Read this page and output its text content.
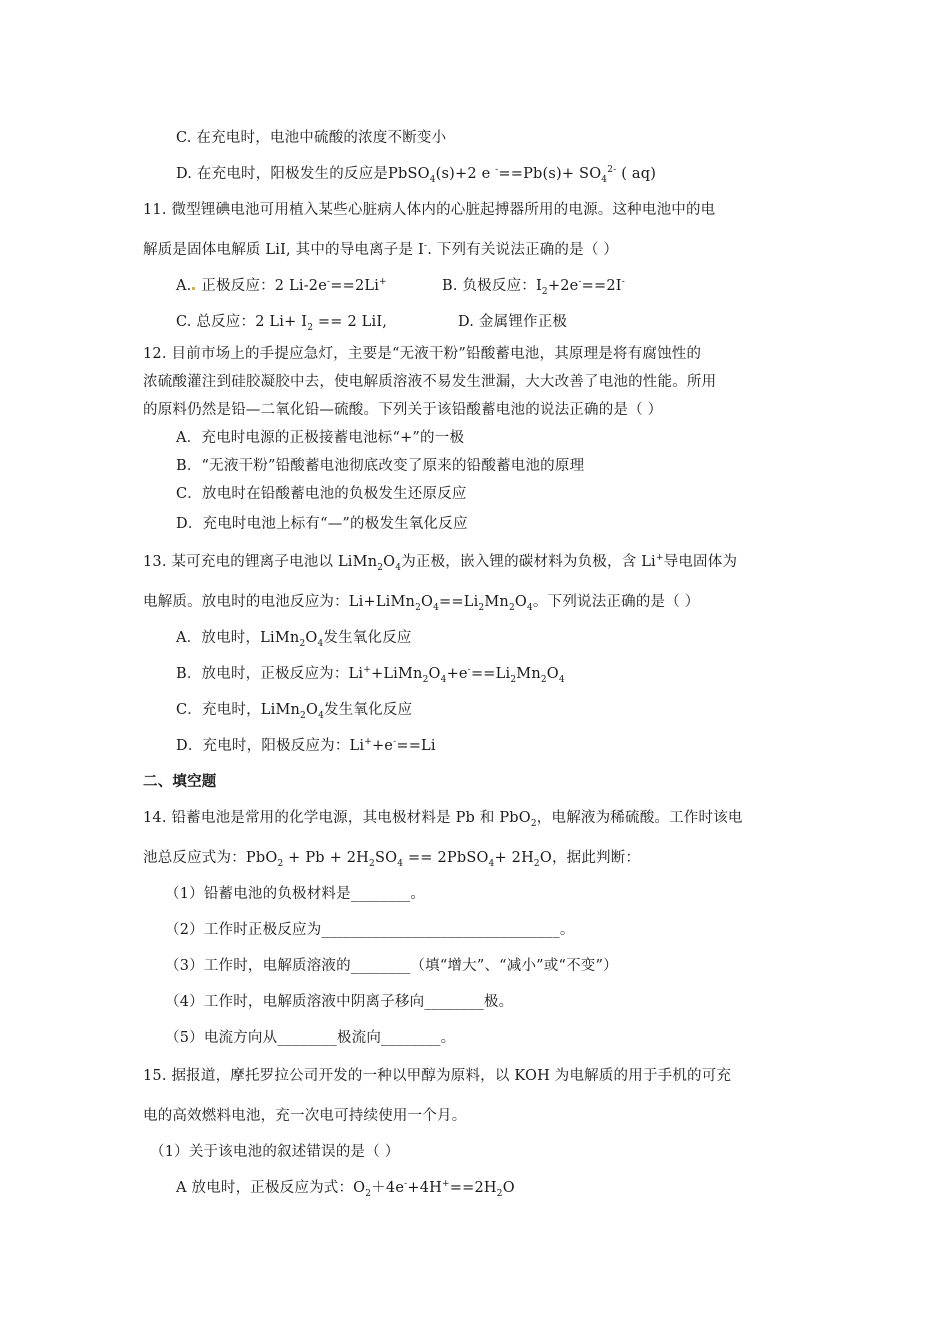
C. 在充电时，电池中硫酸的浓度不断变小
D. 在充电时，阳极发生的反应是PbSO$_4$(s)+2 e $^-==Pb(s)+ SO_4^{2-}$ ( aq)
11. 微型锂碘电池可用植入某些心脏病人体内的心脏起搏器所用的电源。这种电池中的电
解质是固体电解质 LiI, 其中的导电离子是 I-. 下列有关说法正确的是（ ）
A. 正极反应：2 Li-2e-==2Li+	B. 负极反应：$I_2+2e^-==2I^-$
C. 总反应：2 $Li+ I_2 == 2$ LiI,	D. 金属锂作正极
12. 目前市场上的手提应急灯，主要是“无液干粉”铅酸蓄电池，其原理是将有腐蚀性的
浓硫酸灌注到硅胶凝胶中去，使电解质溶液不易发生泄漏，大大改善了电池的性能。所用
的原料仍然是铅—二氧化铅—硫酸。下列关于该铅酸蓄电池的说法正确的是（ ）
A．充电时电源的正极接蓄电池标“+”的一极
B．“无液干粉”铅酸蓄电池彻底改变了原来的铅酸蓄电池的原理
C．放电时在铅酸蓄电池的负极发生还原反应
D．充电时电池上标有“—”的极发生氧化反应
13. 某可充电的锂离子电池以 $LiMn_2O_4$为正极，嵌入锂的碳材料为负极，含 Li+导电固体为
电解质。放电时的电池反应为：$Li+LiMn_2O_4==Li_2Mn_2O_4$。下列说法正确的是（ ）
A．放电时，$LiMn_2O_4$发生氧化反应
B．放电时，正极反应为：$Li^++LiMn_2O_4+e^-==Li_2Mn_2O_4$
C．充电时，$LiMn_2O_4$发生氧化反应
D．充电时，阳极反应为：Li++e-==Li
二、填空题
14. 铅蓄电池是常用的化学电源，其电极材料是 Pb 和 PbO$_2$，电解液为稀硫酸。工作时该电
池总反应式为：$PbO_2 + Pb + 2H_2SO_4$ == 2PbSO$_4$+ $2H_2O$，据此判断：
（1）铅蓄电池的负极材料是________。
（2）工作时正极反应为________________________________。
（3）工作时，电解质溶液的________（填“增大”、“减小”或“不变”）
（4）工作时，电解质溶液中阴离子移向________极。
（5）电流方向从________极流向________。
15. 据报道，摩托罗拉公司开发的一种以甲醇为原料，以 KOH 为电解质的用于手机的可充
电的高效燃料电池，充一次电可持续使用一个月。
（1）关于该电池的叙述错误的是（ ）
A 放电时，正极反应为式：$O_2+4e^-+4H^+==2H_2O$
